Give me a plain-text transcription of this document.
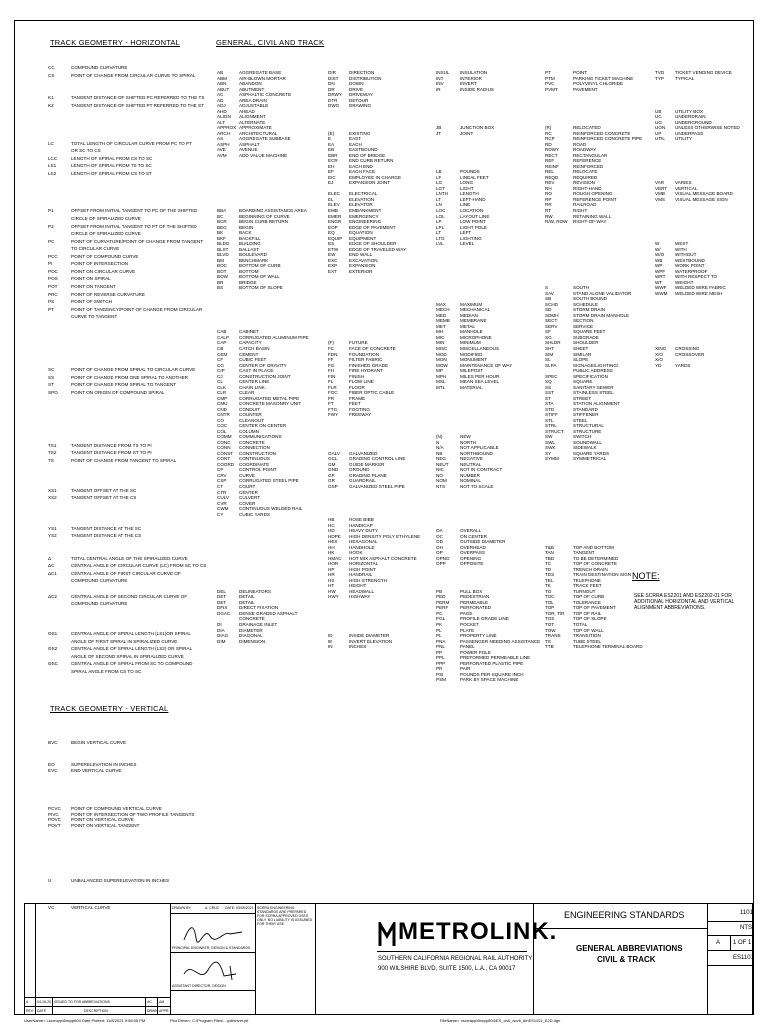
TRACK GEOMETRY - HORIZONTAL	GENERAL, CIVIL AND TRACK
TRACK GEOMETRY - VERTICAL
CC	COMPOUND CURVATURE
CS	POINT OF CHANGE FROM CIRCULAR CURVE TO SPIRAL
K1	TANGENT DISTANCE OF SHIFTED PC REFERRED TO THE TS
K2	TANGENT DISTANCE OF SHIFTED PT REFERRED TO THE ST
LC	TOTAL LENGTH OF CIRCULAR CURVE FROM PC TO PT
OR SC TO CS
LCC	LENGTH OF SPIRAL FROM CS TO SC
LS1	LENGTH OF SPIRAL FROM TS TO SC
LS2	LENGTH OF SPIRAL FROM CS TO ST
P1	OFFSET FROM INITIAL TANGENT TO PC OF THE SHIFTED
CIRCLE OF SPIRALIZED CURVE
P2	OFFSET FROM INITIAL TANGENT TO PT OF THE SHIFTED
CIRCLE OF SPIRALIZED CURVE
PC	POINT OF CURVATURE/POINT OF CHANGE FROM TANGENT
TO CIRCULAR CURVE
PCC	POINT OF COMPOUND CURVE
PI	POINT OF INTERSECTION
POC	POINT ON CIRCULAR CURVE
POS	POINT ON SPIRAL
POT	POINT ON TANGENT
PRC	POINT OF REVERSE CURVATURE
PS	POINT OF SWITCH
PT	POINT OF TANGENCY/POINT OF CHANGE FROM CIRCULAR
CURVE TO TANGENT
SC	POINT OF CHANGE FROM SPIRAL TO CIRCULAR CURVE
SS	POINT OF CHANGE FROM ONE SPIRAL TO ANOTHER
ST	POINT OF CHANGE FROM SPIRAL TO TANGENT
SPO	POINT ON ORIGIN OF COMPOUND SPIRAL
TS1	TANGENT DISTANCE FROM TS TO PI
TS2	TANGENT DISTANCE FROM ST TO PI
TS	POINT OF CHANGE FROM TANGENT TO SPIRAL
XS1	TANGENT OFFSET AT THE SC
XS2	TANGENT OFFSET AT THE CS
YS1	TANGENT DISTANCE AT THE SC
YS2	TANGENT DISTANCE AT THE CS
Δ	TOTAL CENTRAL ANGLE OF THE SPIRALIZED CURVE
ΔC	CENTRAL ANGLE OF CIRCULAR CURVE (LC) FROM SC TO CS
ΔC1	CENTRAL ANGLE OF FIRST CIRCULAR CURVE OF
COMPOUND CURVATURE
ΔC2	CENTRAL ANGLE OF SECOND CIRCULAR CURVE OF
COMPOUND CURVATURE
ΘS1	CENTRAL ANGLE OF SPIRAL LENGTH (LS1)OR SPIRAL
ANGLE OF FIRST SPIRAL IN SPIRALIZED CURVE
ΘS2	CENTRAL ANGLE OF SPIRAL LENGTH (LS2) OR SPIRAL
ANGLE OF SECOND SPIRAL IN SPIRALIZED CURVE
ΘSC	CENTRAL ANGLE OF SPIRAL FROM SC TO COMPOUND
SPIRAL ANGLE FROM CS TO SC
BVC	BEGIN VERTICAL CURVE
EO	SUPERELEVATION IN INCHES
EVC	END VERTICAL CURVE
PCVC POINT OF COMPOUND VERTICAL CURVE
PIVC	POINT OF INTERSECTION OF TWO PROFILE TANGENTS
POVC POINT ON VERTICAL CURVE
POVT POINT ON VERTICAL TANGENT
U	UNBALANCED SUPERELEVATION IN INCHES
VC	VERTICAL CURVE
AB	AGGREGATE BASE
ABM	AIR-BLOWN MORTAR
ABN	ABANDON
ABUT ABUTMENT
AC	ASPHALTIC CONCRETE
AD	AREA DRAIN
ADJ	ADJUSTABLE
AHD	AHEAD
ALIGN ALIGNMENT
ALT	ALTERNATE
APPROX APPROXIMATE
ARCH ARCHITECTURAL
AS	AGGREGATE SUBBASE
ASPH ASPHALT
AVE	AVENUE
AVM	ADD VALUE MACHINE
BBA	BOARDING ASSISTANCE AREA
BC	BEGINNING OF CURVE
BCR	BEGIN CURB RETURN
BEG	BEGIN
BK	BACK
BKF	BACKFILL
BLDG BUILDING
BLST BALLAST
BLVD BOULEVARD
BM	BENCHMARK
BOC	BOTTOM OF CURB
BOT	BOTTOM
BOW BOTTOM OF WALL
BR	BRIDGE
BS	BOTTOM OF SLOPE
CAB	CABINET
CALP CORRUGATED ALUMINUM PIPE
CAP	CAPACITY
CB	CATCH BASIN
CEM	CEMENT
CF	CUBIC FEET
CG	CENTER OF GRAVITY
CIP	CAST IN PLACE
CJ	CONSTRUCTION JOINT
CL	CENTER LINE
CLK	CHAIN LINK
CLR	CLEAR
CMP	CORRUGATED METAL PIPE
CMU	CONCRETE MASONRY UNIT
CND	CONDUIT
CNTR COUNTER
CO	CLEANOUT
COC	CENTER ON CENTER
COL	COLUMN
COMM COMMUNICATIONS
CONC CONCRETE
CONN CONNECTION
CONST CONSTRUCTION
CONT CONTINUOUS
COORD COORDINATE
CP	CONTROL POINT
CRV	CURVE
CSP	CORRUGATED STEEL PIPE
CT	COURT
CTR	CENTER
CULV CULVERT
CVR	COVER
CWM CONTINUOUS WELDED RAIL
CY	CUBIC YARDS
DEL	DELINEATORS
DET	DETAIL
DET	DETAIL
DFIX	DIRECT FIXATION
DGAC DENSE GRADED ASPHALT
CONCRETE
DI	DRAINAGE INLET
DIA	DIAMETER
DIAG DIAGONAL
DIM	DIMENSION
DIR	DIRECTION
DIST DISTRIBUTION
DN	DOWN
DR	DRIVE
DRWY DRIVEWAY
DTR	DETOUR
DWG DRAWING
(E)	EXISTING
E	EAST
EA	EACH
EB	EASTBOUND
EBR	END OF BRIDGE
ECR END CURB RETURN
EH	EACH END
EF	EACH FACE
EIC	EMPLOYEE IN CHARGE
EJ	EXPANSION JOINT
ELEC ELECTRICAL
EL	ELEVATION
ELEV ELEVATOR
EMB EMBANKMENT
EMER EMERGENCY
ENGR ENGINEERING
EOP EDGE OF PAVEMENT
EQ	EQUATION
EQUIP EQUIPMENT
ES	EDGE OF SHOULDER
ETW EDGE OF TRAVELED WAY
EW	END WALL
EXC	EXCAVATION
EXP	EXPANSION
EXT	EXTERIOR
(F)	FUTURE
FC	FACE OF CONCRETE
FDN	FOUNDATION
FF	FILTER FABRIC
FG	FINISHED GRADE
FH	FIRE HYDRANT
FIN	FINISH
FL	FLOW LINE
FLR	FLOOR
FOC FIBER OPTIC CABLE
FR	FRAME
FT	FEET
FTG	FOOTING
FWY FREEWAY
GALV GALVANIZED
GCL	GRADING CONTROL LINE
GM	GUIDE MARKER
GND GROUND
GP	GRADING PLANE
GR	GUARDRAIL
GSP GALVANIZED STEEL PIPE
HB	HOSE BIBB
HC	HANDICAP
HD	HEAVY DUTY
HDPE HIGH DENSITY POLY ETHYLENE
HEX	HEXAGONAL
HH	HANDHOLE
HK	HOOK
HMAC HOT MIX ASPHALT CONCRETE
HOR HORIZONTAL
HP	HIGH POINT
HR	HANDRAIL
HS	HIGH STRENGTH
HT	HEIGHT
HW	HEADWALL
HWY HIGHWAY
ID	INSIDE DIAMETER
IE	INVERT ELEVATION
IN	INCHES
INSUL INSULATION
INT	INTERIOR
INV	INVERT
IR	INSIDE RADIUS
JB	JUNCTION BOX
JT	JOINT
LB	POUNDS
LF	LINEAL FEET
LG	LONG
LGT	LIGHT
LNTH	LENGTH
LT	LEFT-HAND
LN	LINE
LOC	LOCATION
LOL	LAYOUT LINE
LP	LOW POINT
LPL	LIGHT POLE
LT	LEFT
LTG	LIGHTING
LVL	LEVEL
MAX	MAXIMUM
MECH MECHANICAL
MED	MEDIAN
MEMB MEMBRANE
MET	METAL
MH	MANHOLE
MIC	MICROPHONE
MIN	MINIMUM
MISC	MISCELLANEOUS
MOD	MODIFIED
MON	MONUMENT
MOW	MAINTENANCE OF WAY
MP	MILEPOST
MPH	MILES PER HOUR
MSL	MEAN SEA LEVEL
MTL	MATERIAL
(N)	NEW
N	NORTH
N/A	NOT APPLICABLE
NB	NORTHBOUND
NEG	NEGATIVE
NEUT NEUTRAL
NIC	NOT IN CONTRACT
NO	NUMBER
NOM	NOMINAL
NTS	NOT TO SCALE
OA	OVERALL
OC	ON CENTER
OD	OUTSIDE DIAMETER
OH	OVERHEAD
OP	OVERPASS
OPNG OPENING
OPP	OPPOSITE
PB	PULL BOX
PED	PEDESTRIAN
PERM PERMEABLE
PERF	PERFORATED
PC	PAGE
PGL	PROFILE GRADE LINE
PK	POCKET
PL	PLATE
PL	PROPERTY LINE
PNA	PASSENGER NEEDING ASSISTANCE
PNL	PANEL
PP	POWER POLE
PPL	PREFORMED PERMEABLE LINE
PPP	PERFORATED PLASTIC PIPE
PR	PAIR
PSI	POUNDS PER SQUARE INCH
PSM	PARK BY SPACE MACHINE
PT	POINT
PTM	PARKING TICKET MACHINE
PVC	POLYVINYL CHLORIDE
PVMT	PAVEMENT
(R)	RELOCATED
RC	REINFORCED CONCRETE
RCP	REINFORCED CONCRETE PIPE
RD	ROAD
RDWY	ROADWAY
RECT	RECTANGULAR
REF	REFERENCE
REINF	REINFORCED
REL	RELOCATE
REQD	REQUIRED
REV	REVISION
RH	RIGHT-HAND
RO	ROUGH OPENING
RP	REFERENCE POINT
RR	RAILROAD
RT	RIGHT
RW	RETAINING WALL
R/W, ROW RIGHT-OF-WAY
S	SOUTH
SAV	STAND ALONE VALIDATOR
SB	SOUTH BOUND
SCHD	SCHEDULE
SD	STORM DRAIN
SDMH	STORM DRAIN MANHOLE
SECT	SECTION
SERV	SERVICE
SF	SQUARE FEET
SG	SUBGRADE
SHLDR	SHOULDER
SHT	SHEET
SIM	SIMILAR
SL	SLOPE
SLPA	SIGNAGE/LIGHTING/
PUBLIC ADDRESS
SPEC	SPECIFICATION
SQ	SQUARE
SS	SANITARY SEWER
SST	STAINLESS STEEL
ST	STREET
STA	STATION ALIGNMENT
STD	STANDARD
STIFF	STIFFENER
STL	STEEL
STRL	STRUCTURAL
STRUCT STRUCTURE
SW	SWITCH
SWL	SOUNDWALL
SWK	SIDEWALK
SY	SQUARE YARDS
SYMM	SYMMETRICAL
T&B	TOP AND BOTTOM
TAN	TANGENT
TBD	TO BE DETERMINED
TC	TOP OF CONCRETE
TD	TRENCH DRAIN
TDS	TRAIN DESTINATION SIGN
TEL	TELEPHONE
TK	TRACK FEET
TO	TURNOUT
TOC	TOP OF CURB
TOL	TOLERANCE
TOP	TOP OF PAVEMENT
TOR, T/R TOP OF RAIL
TOS	TOP OF SLOPE
TOT	TOTAL
TOW	TOP OF WALL
TRANS	TRANSITION
TS	TUBE STEEL
TTB	TELEPHONE TERMINAL BOARD
TVD TICKET VENDING DEVICE
TYP TYPICAL
UB	UTILITY BOX
UC	UNDERDRAIN
UG	UNDERGROUND
UON UNLESS OTHERWISE NOTED
UP	UNDERPASS
UTIL UTILITY
VAR VARIES
VERT VERTICAL
VMB VISUAL MESSAGE BOARD
VMS VISUAL MESSAGE SIGN
W	WEST
W/	WITH
W/O WITHOUT
WB	WESTBOUND
WP	WORK POINT
WPF WATERPROOF
WRT WITH RESPECT TO
WT	WEIGHT
WWF WELDED WIRE FABRIC
WWM WELDED WIRE MESH
XING CROSSING
X/O	CROSSOVER
X/O
YD	YARDS
NOTE:
SEE SCRRA ES2201 AND ES2202-01 FOR ADDITIONAL HORIZONTAL AND VERTICAL ALIGNMENT ABBREVIATIONS.
A 04-15-20 ISSUED TO FOR ABBREVIATIONS	AC AM
REV DATE	DESCRIPTION	DRWN APPR
DRAWN BY:	A. CRUZ DATE: 03/05/2021
PRINCIPAL ENGINEER, DESIGN & STANDARDS
ASSISTANT DIRECTOR, DESIGN
SCRRA ENGINEERING STANDARDS ARE PREPARED FOR SCRRA APPROVED USES ONLY. NO LIABILITY IS ASSUMED FOR THEIR USE.	METROLINK.
SOUTHERN CALIFORNIA REGIONAL RAIL AUTHORITY
900 WILSHIRE BLVD, SUITE 1500, L.A., CA 90017
ENGINEERING STANDARDS
GENERAL ABBREVIATIONS
CIVIL & TRACK
1101
NTS
A 1 OF 1
ES1101
UserName= i-scrropp\6bcpp604 Date Plotted: 11/8/2021 9:58:55 PM	Plot Driver= C:\Program Files\...\pdfdriver.plt	FileName= \\scrrapp\6bcpp604\ES_civil_work_dir\ES1101_E2D.dgn
